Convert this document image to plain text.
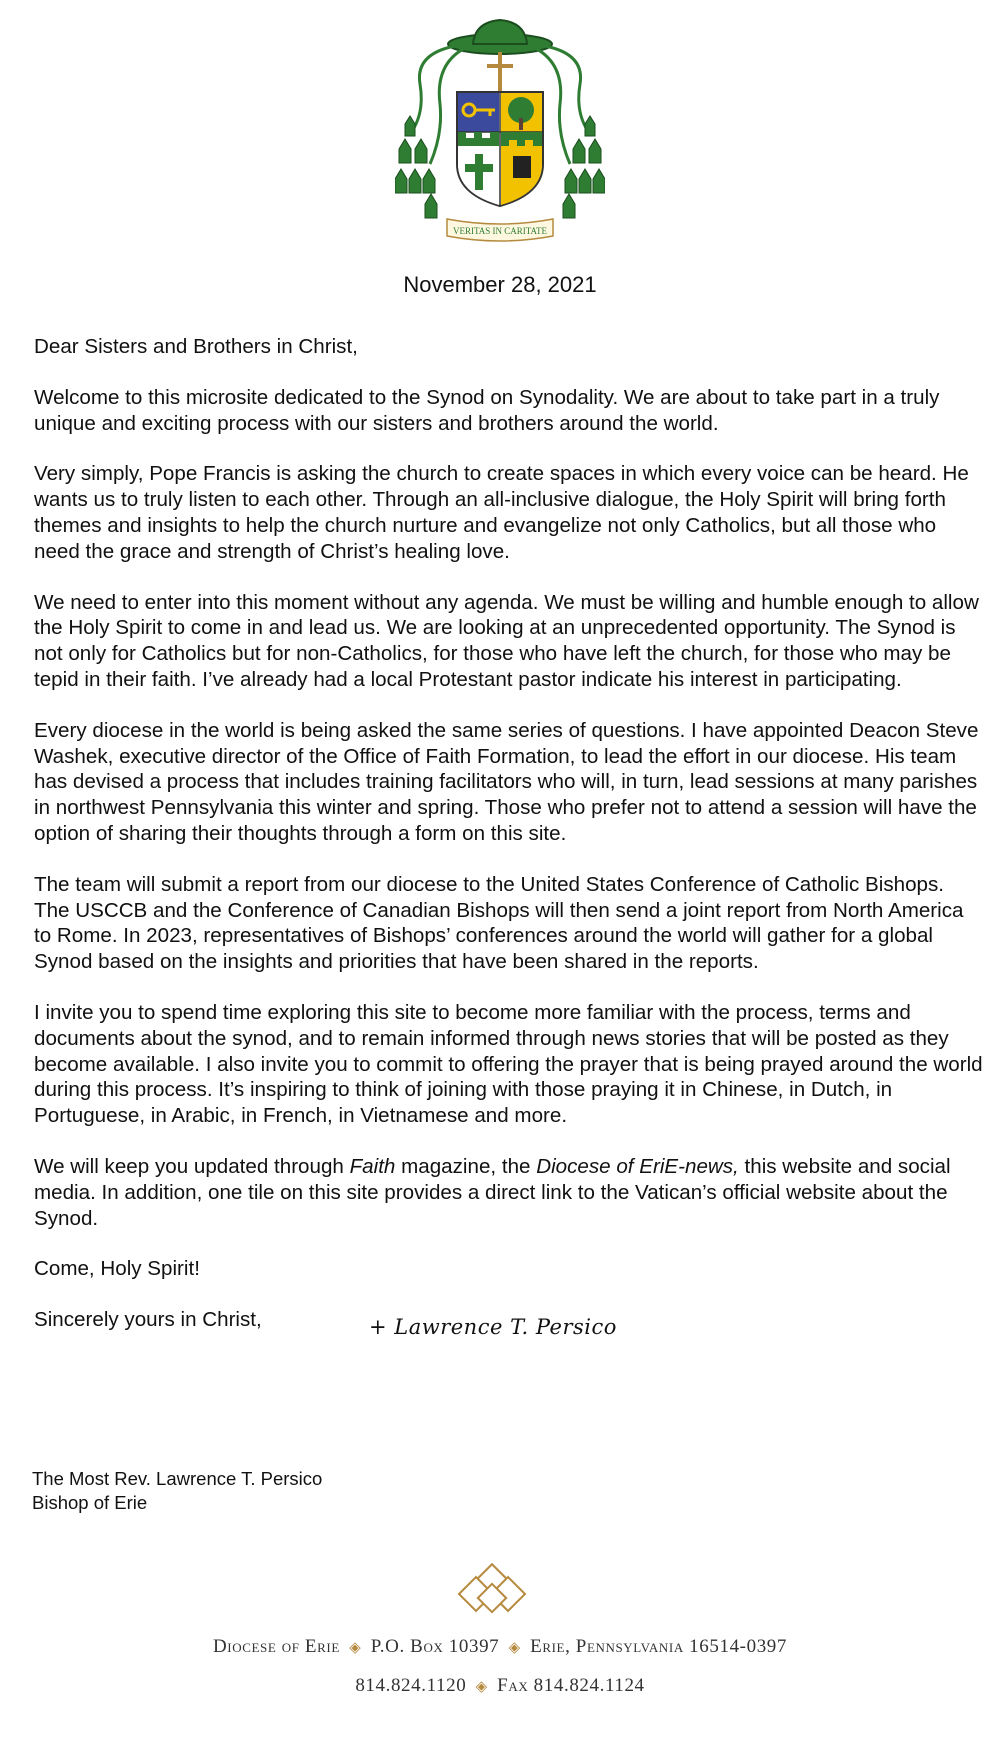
VERITAS IN CARITATE
November 28, 2021

Dear Sisters and Brothers in Christ,

Welcome to this microsite dedicated to the Synod on Synodality. We are about to take part in a truly unique and exciting process with our sisters and brothers around the world.

Very simply, Pope Francis is asking the church to create spaces in which every voice can be heard. He wants us to truly listen to each other. Through an all-inclusive dialogue, the Holy Spirit will bring forth themes and insights to help the church nurture and evangelize not only Catholics, but all those who need the grace and strength of Christ’s healing love.

We need to enter into this moment without any agenda. We must be willing and humble enough to allow the Holy Spirit to come in and lead us. We are looking at an unprecedented opportunity. The Synod is not only for Catholics but for non-Catholics, for those who have left the church, for those who may be tepid in their faith. I’ve already had a local Protestant pastor indicate his interest in participating.

Every diocese in the world is being asked the same series of questions. I have appointed Deacon Steve Washek, executive director of the Office of Faith Formation, to lead the effort in our diocese. His team has devised a process that includes training facilitators who will, in turn, lead sessions at many parishes in northwest Pennsylvania this winter and spring. Those who prefer not to attend a session will have the option of sharing their thoughts through a form on this site.

The team will submit a report from our diocese to the United States Conference of Catholic Bishops. The USCCB and the Conference of Canadian Bishops will then send a joint report from North America to Rome. In 2023, representatives of Bishops’ conferences around the world will gather for a global Synod based on the insights and priorities that have been shared in the reports.

I invite you to spend time exploring this site to become more familiar with the process, terms and documents about the synod, and to remain informed through news stories that will be posted as they become available. I also invite you to commit to offering the prayer that is being prayed around the world during this process. It’s inspiring to think of joining with those praying it in Chinese, in Dutch, in Portuguese, in Arabic, in French, in Vietnamese and more.

We will keep you updated through Faith magazine, the Diocese of EriE-news, this website and social media. In addition, one tile on this site provides a direct link to the Vatican’s official website about the Synod.

Come, Holy Spirit!

Sincerely yours in Christ,	+ Lawrence T. Persico
The Most Rev. Lawrence T. Persico
Bishop of Erie
Diocese of Erie ◈ P.O. Box 10397 ◈ Erie, Pennsylvania 16514-0397
814.824.1120 ◈ Fax 814.824.1124
